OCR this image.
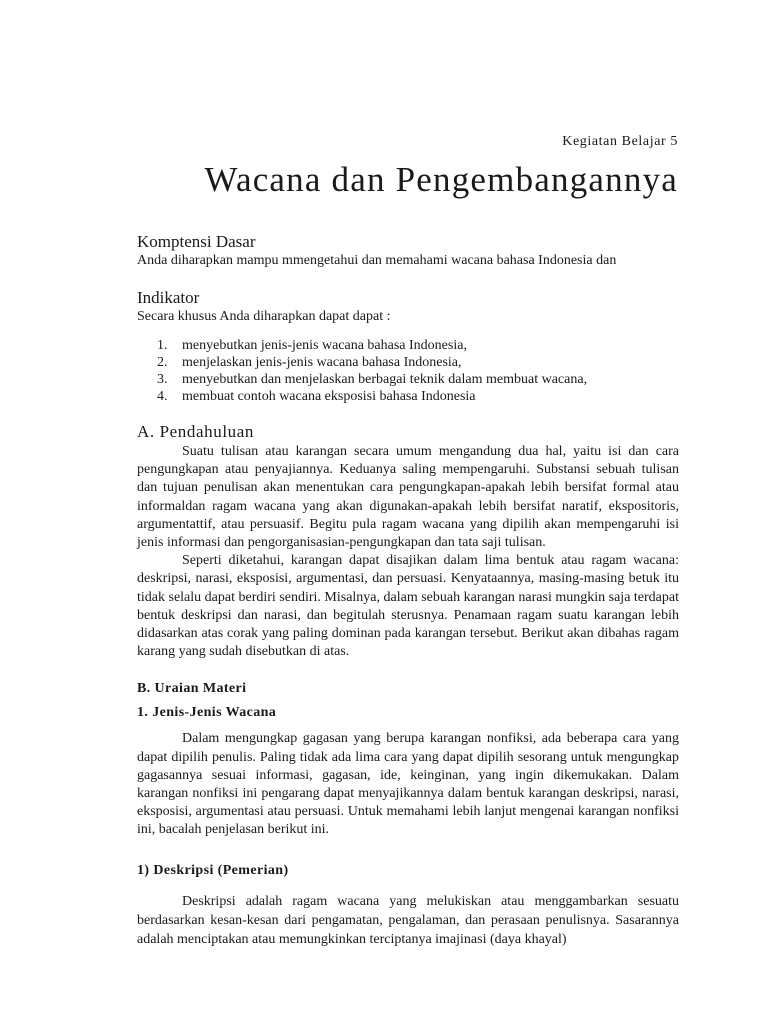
Kegiatan Belajar 5
Wacana dan Pengembangannya
Komptensi Dasar

Anda diharapkan mampu mmengetahui dan memahami wacana bahasa Indonesia dan

Indikator

Secara khusus Anda diharapkan dapat dapat :

1.	menyebutkan jenis-jenis wacana bahasa Indonesia,
2.	menjelaskan jenis-jenis wacana bahasa Indonesia,
3.	menyebutkan dan menjelaskan berbagai teknik dalam membuat wacana,
4.	membuat contoh wacana eksposisi bahasa Indonesia
A. Pendahuluan

Suatu tulisan atau karangan secara umum mengandung dua hal, yaitu isi dan cara pengungkapan atau penyajiannya. Keduanya saling mempengaruhi. Substansi sebuah tulisan dan tujuan penulisan akan menentukan cara pengungkapan-apakah lebih bersifat formal atau informaldan ragam wacana yang akan digunakan-apakah lebih bersifat naratif, ekspositoris, argumentattif, atau persuasif. Begitu pula ragam wacana yang dipilih akan mempengaruhi isi jenis informasi dan pengorganisasian-pengungkapan dan tata saji tulisan.

Seperti diketahui, karangan dapat disajikan dalam lima bentuk atau ragam wacana: deskripsi, narasi, eksposisi, argumentasi, dan persuasi. Kenyataannya, masing-masing betuk itu tidak selalu dapat berdiri sendiri. Misalnya, dalam sebuah karangan narasi mungkin saja terdapat bentuk deskripsi dan narasi, dan begitulah sterusnya. Penamaan ragam suatu karangan lebih didasarkan atas corak yang paling dominan pada karangan tersebut. Berikut akan dibahas ragam karang yang sudah disebutkan di atas.

B. Uraian Materi
1. Jenis-Jenis Wacana

Dalam mengungkap gagasan yang berupa karangan nonfiksi, ada beberapa cara yang dapat dipilih penulis. Paling tidak ada lima cara yang dapat dipilih sesorang untuk mengungkap gagasannya sesuai informasi, gagasan, ide, keinginan, yang ingin dikemukakan. Dalam karangan nonfiksi ini pengarang dapat menyajikannya dalam bentuk karangan deskripsi, narasi, eksposisi, argumentasi atau persuasi. Untuk memahami lebih lanjut mengenai karangan nonfiksi ini, bacalah penjelasan berikut ini.

1) Deskripsi (Pemerian)

Deskripsi adalah ragam wacana yang melukiskan atau menggambarkan sesuatu berdasarkan kesan-kesan dari pengamatan, pengalaman, dan perasaan penulisnya. Sasarannya adalah menciptakan atau memungkinkan terciptanya imajinasi (daya khayal)
